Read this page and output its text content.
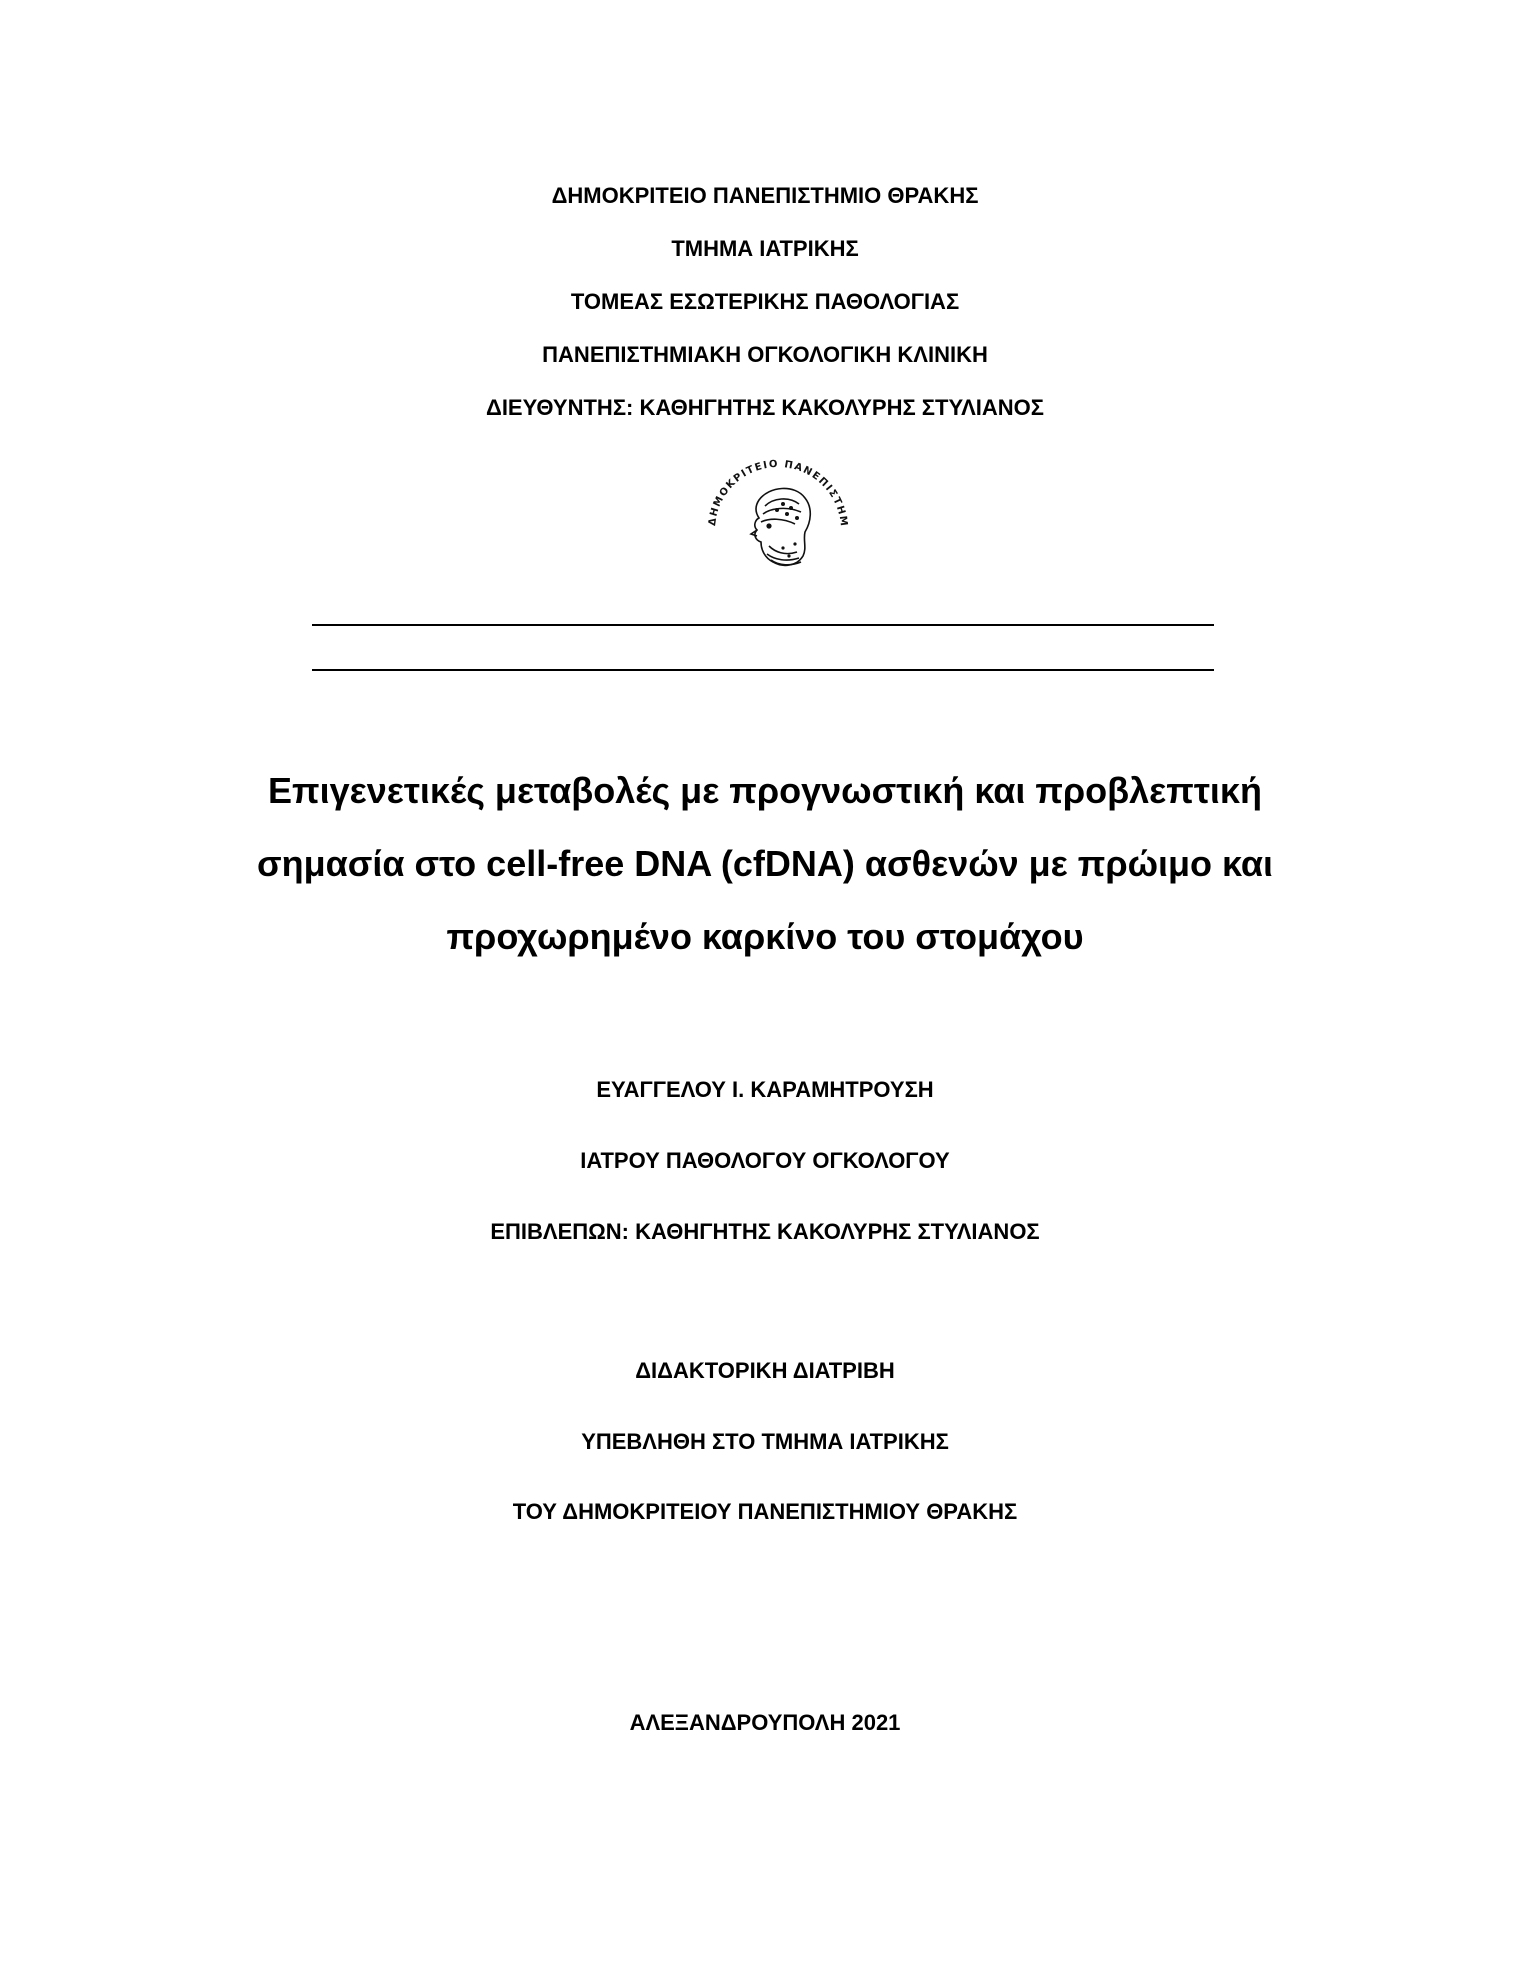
ΔΗΜΟΚΡΙΤΕΙΟ ΠΑΝΕΠΙΣΤΗΜΙΟ ΘΡΑΚΗΣ
ΤΜΗΜΑ ΙΑΤΡΙΚΗΣ
ΤΟΜΕΑΣ ΕΣΩΤΕΡΙΚΗΣ ΠΑΘΟΛΟΓΙΑΣ
ΠΑΝΕΠΙΣΤΗΜΙΑΚΗ ΟΓΚΟΛΟΓΙΚΗ ΚΛΙΝΙΚΗ
ΔΙΕΥΘΥΝΤΗΣ: ΚΑΘΗΓΗΤΗΣ ΚΑΚΟΛΥΡΗΣ ΣΤΥΛΙΑΝΟΣ
ΔΗΜΟΚΡΙΤΕΙΟ ΠΑΝΕΠΙΣΤΗΜ
Επιγενετικές μεταβολές με προγνωστική και προβλεπτική
σημασία στο cell-free DNA (cfDNA) ασθενών με πρώιμο και
προχωρημένο καρκίνο του στομάχου
ΕΥΑΓΓΕΛΟΥ Ι. ΚΑΡΑΜΗΤΡΟΥΣΗ
ΙΑΤΡΟΥ ΠΑΘΟΛΟΓΟΥ ΟΓΚΟΛΟΓΟΥ
ΕΠΙΒΛΕΠΩΝ: ΚΑΘΗΓΗΤΗΣ ΚΑΚΟΛΥΡΗΣ ΣΤΥΛΙΑΝΟΣ
ΔΙΔΑΚΤΟΡΙΚΗ ΔΙΑΤΡΙΒΗ
ΥΠΕΒΛΗΘΗ ΣΤΟ ΤΜΗΜΑ ΙΑΤΡΙΚΗΣ
ΤΟΥ ΔΗΜΟΚΡΙΤΕΙΟΥ ΠΑΝΕΠΙΣΤΗΜΙΟΥ ΘΡΑΚΗΣ
ΑΛΕΞΑΝΔΡΟΥΠΟΛΗ 2021
